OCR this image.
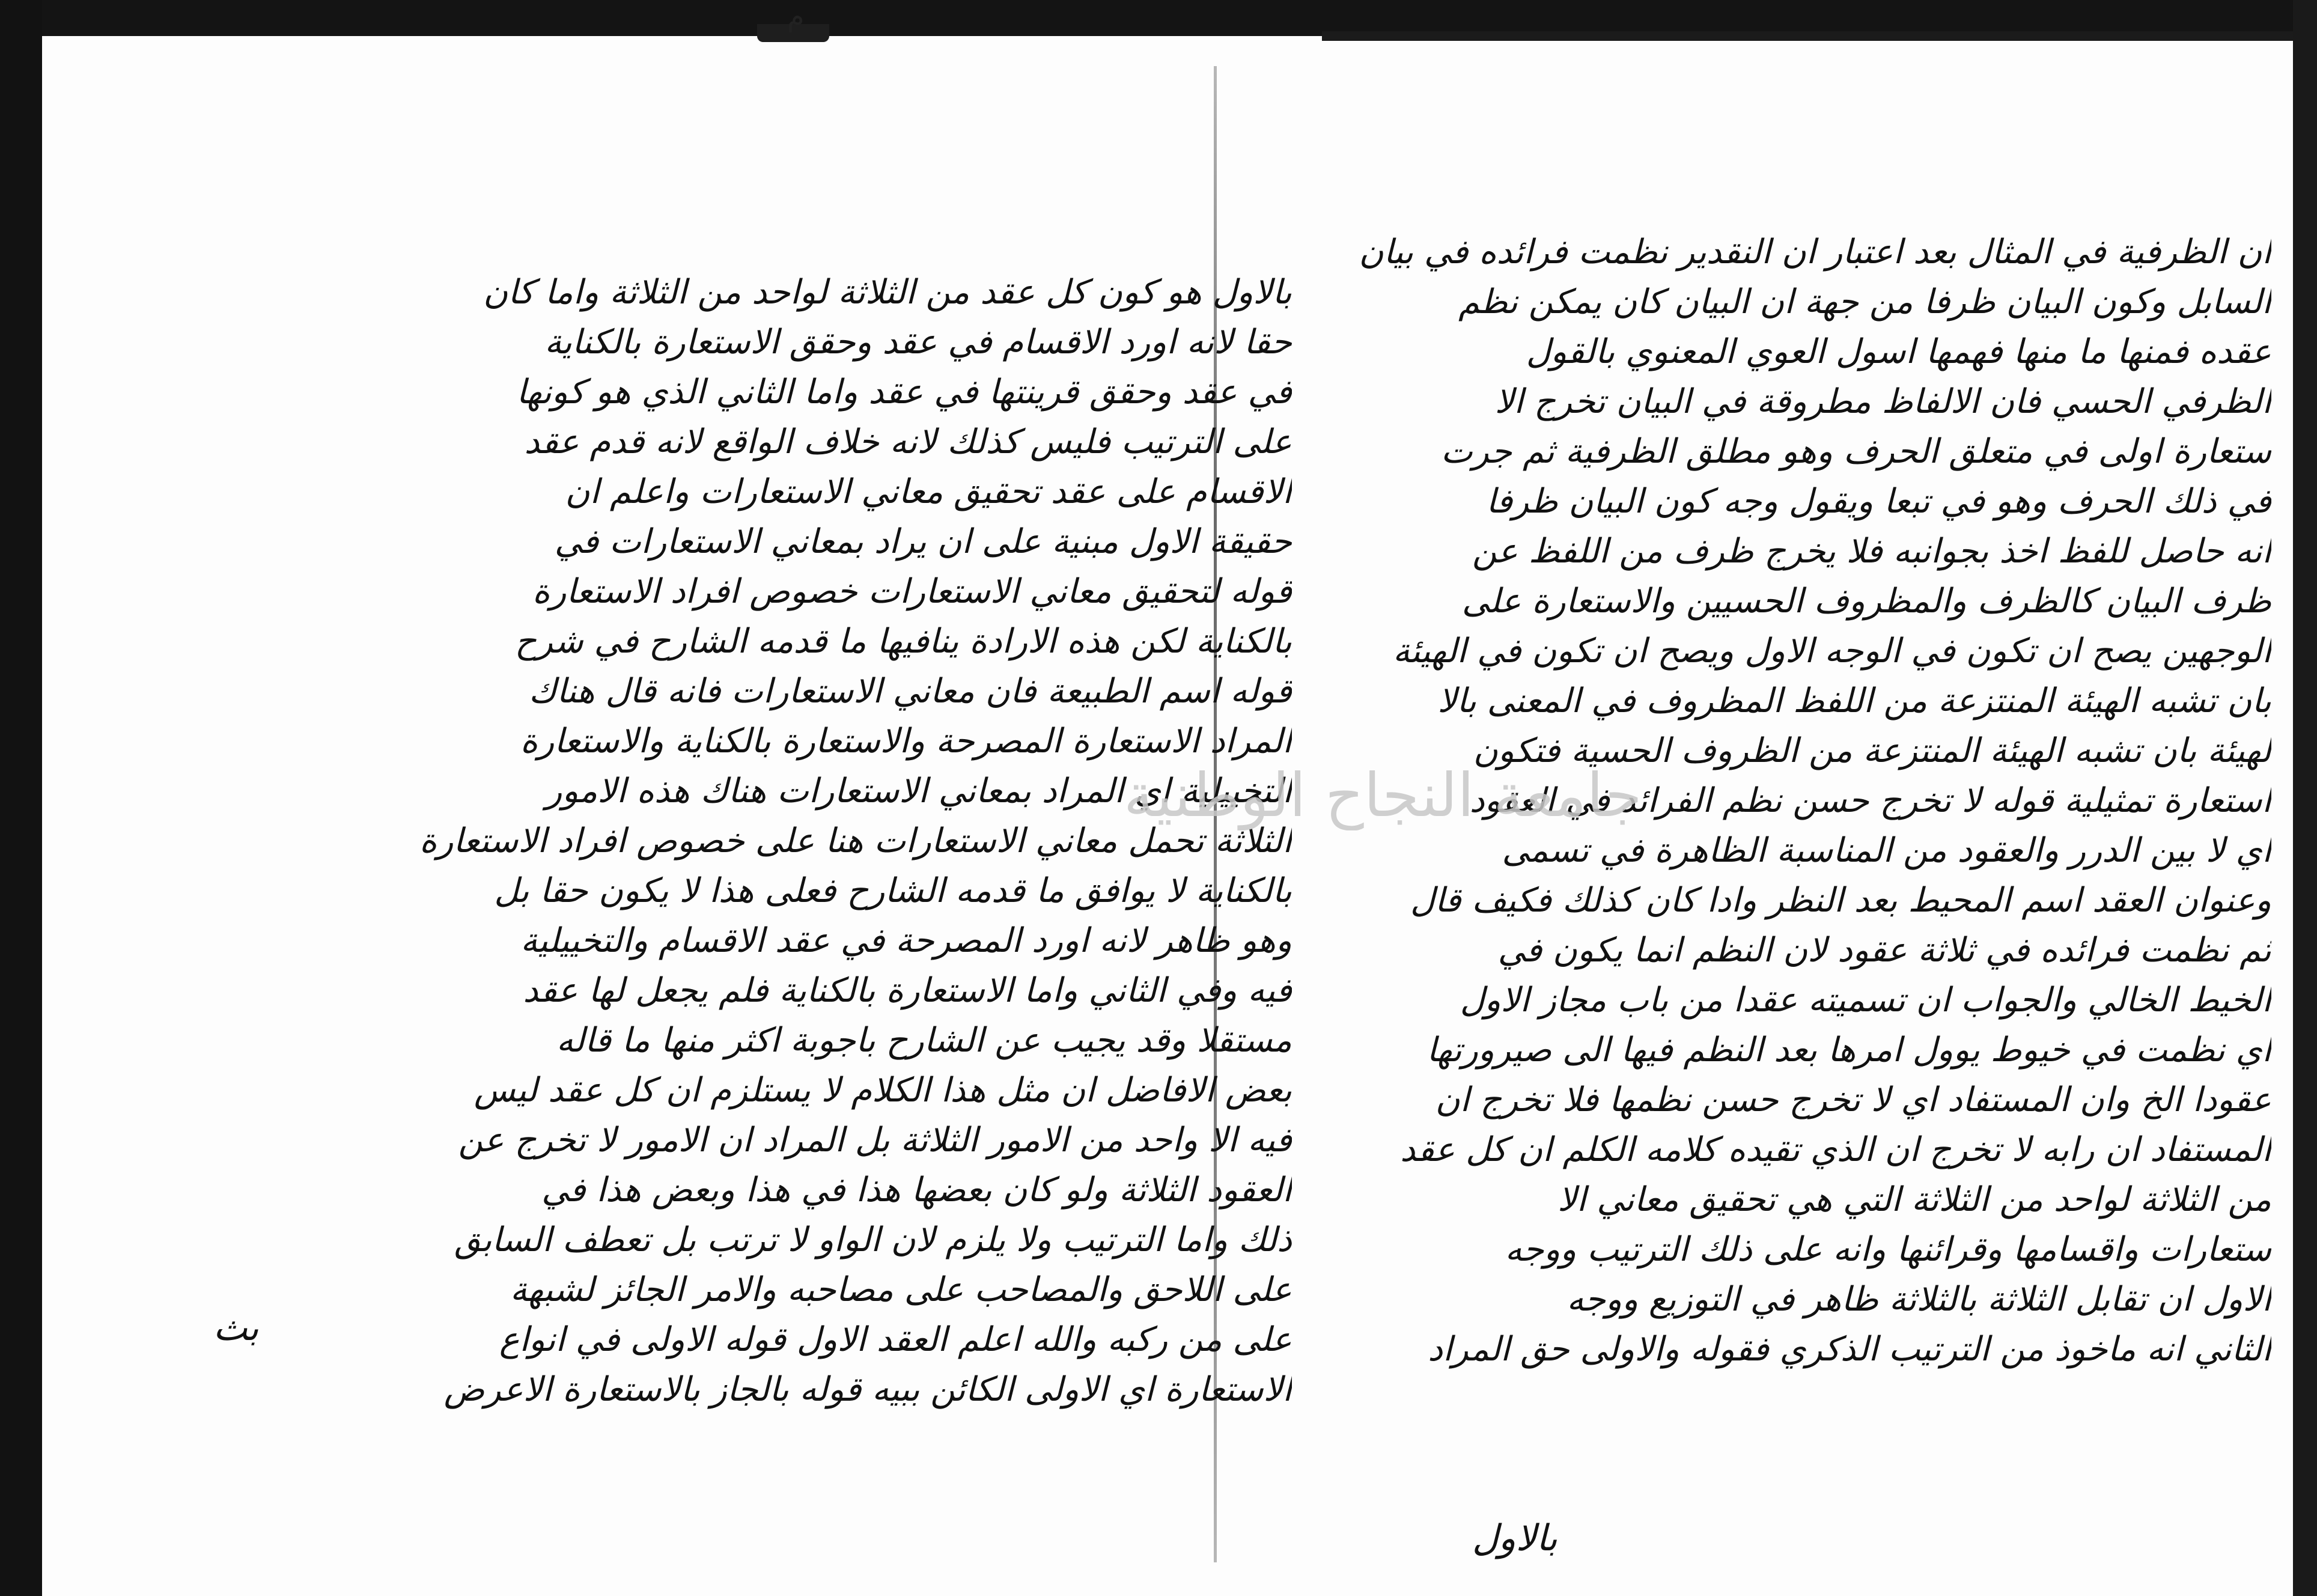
م
بالاول هو كون كل عقد من الثلاثة لواحد من الثلاثة واما كان
حقا لانه اورد الاقسام في عقد وحقق الاستعارة بالكناية
في عقد وحقق قرينتها في عقد واما الثاني الذي هو كونها
على الترتيب فليس كذلك لانه خلاف الواقع لانه قدم عقد
الاقسام على عقد تحقيق معاني الاستعارات واعلم ان
حقيقة الاول مبنية على ان يراد بمعاني الاستعارات في
قوله لتحقيق معاني الاستعارات خصوص افراد الاستعارة
بالكناية لكن هذه الارادة ينافيها ما قدمه الشارح في شرح
قوله اسم الطبيعة فان معاني الاستعارات فانه قال هناك
المراد الاستعارة المصرحة والاستعارة بالكناية والاستعارة
التخييلية اي المراد بمعاني الاستعارات هناك هذه الامور
الثلاثة تحمل معاني الاستعارات هنا على خصوص افراد الاستعارة
بالكناية لا يوافق ما قدمه الشارح فعلى هذا لا يكون حقا بل
وهو ظاهر لانه اورد المصرحة في عقد الاقسام والتخييلية
فيه وفي الثاني واما الاستعارة بالكناية فلم يجعل لها عقد
مستقلا وقد يجيب عن الشارح باجوبة اكثر منها ما قاله
بعض الافاضل ان مثل هذا الكلام لا يستلزم ان كل عقد ليس
فيه الا واحد من الامور الثلاثة بل المراد ان الامور لا تخرج عن
العقود الثلاثة ولو كان بعضها هذا في هذا وبعض هذا في
ذلك واما الترتيب ولا يلزم لان الواو لا ترتب بل تعطف السابق
على اللاحق والمصاحب على مصاحبه والامر الجائز لشبهة
على من ركبه والله اعلم العقد الاول قوله الاولى في انواع
الاستعارة اي الاولى الكائن ببيه قوله بالجاز بالاستعارة الاعرض
بث
ان الظرفية في المثال بعد اعتبار ان النقدير نظمت فرائده في بيان
السابل وكون البيان ظرفا من جهة ان البيان كان يمكن نظم
عقده فمنها ما منها فهمها اسول العوي المعنوي بالقول
الظرفي الحسي فان الالفاظ مطروقة في البيان تخرج الا
ستعارة اولى في متعلق الحرف وهو مطلق الظرفية ثم جرت
في ذلك الحرف وهو في تبعا ويقول وجه كون البيان ظرفا
انه حاصل للفظ اخذ بجوانبه فلا يخرج ظرف من اللفظ عن
ظرف البيان كالظرف والمظروف الحسيين والاستعارة على
الوجهين يصح ان تكون في الوجه الاول ويصح ان تكون في الهيئة
بان تشبه الهيئة المنتزعة من اللفظ المظروف في المعنى بالا
لهيئة بان تشبه الهيئة المنتزعة من الظروف الحسية فتكون
استعارة تمثيلية قوله لا تخرج حسن نظم الفرائد في العقود
اي لا بين الدرر والعقود من المناسبة الظاهرة في تسمى
وعنوان العقد اسم المحيط بعد النظر وادا كان كذلك فكيف قال
ثم نظمت فرائده في ثلاثة عقود لان النظم انما يكون في
الخيط الخالي والجواب ان تسميته عقدا من باب مجاز الاول
اي نظمت في خيوط يوول امرها بعد النظم فيها الى صيرورتها
عقودا الخ وان المستفاد اي لا تخرج حسن نظمها فلا تخرج ان
المستفاد ان رابه لا تخرج ان الذي تقيده كلامه الكلم ان كل عقد
من الثلاثة لواحد من الثلاثة التي هي تحقيق معاني الا
ستعارات واقسامها وقرائنها وانه على ذلك الترتيب ووجه
الاول ان تقابل الثلاثة بالثلاثة ظاهر في التوزيع ووجه
الثاني انه ماخوذ من الترتيب الذكري فقوله والاولى حق المراد
بالاول
جامعة النجاح الوطنية
